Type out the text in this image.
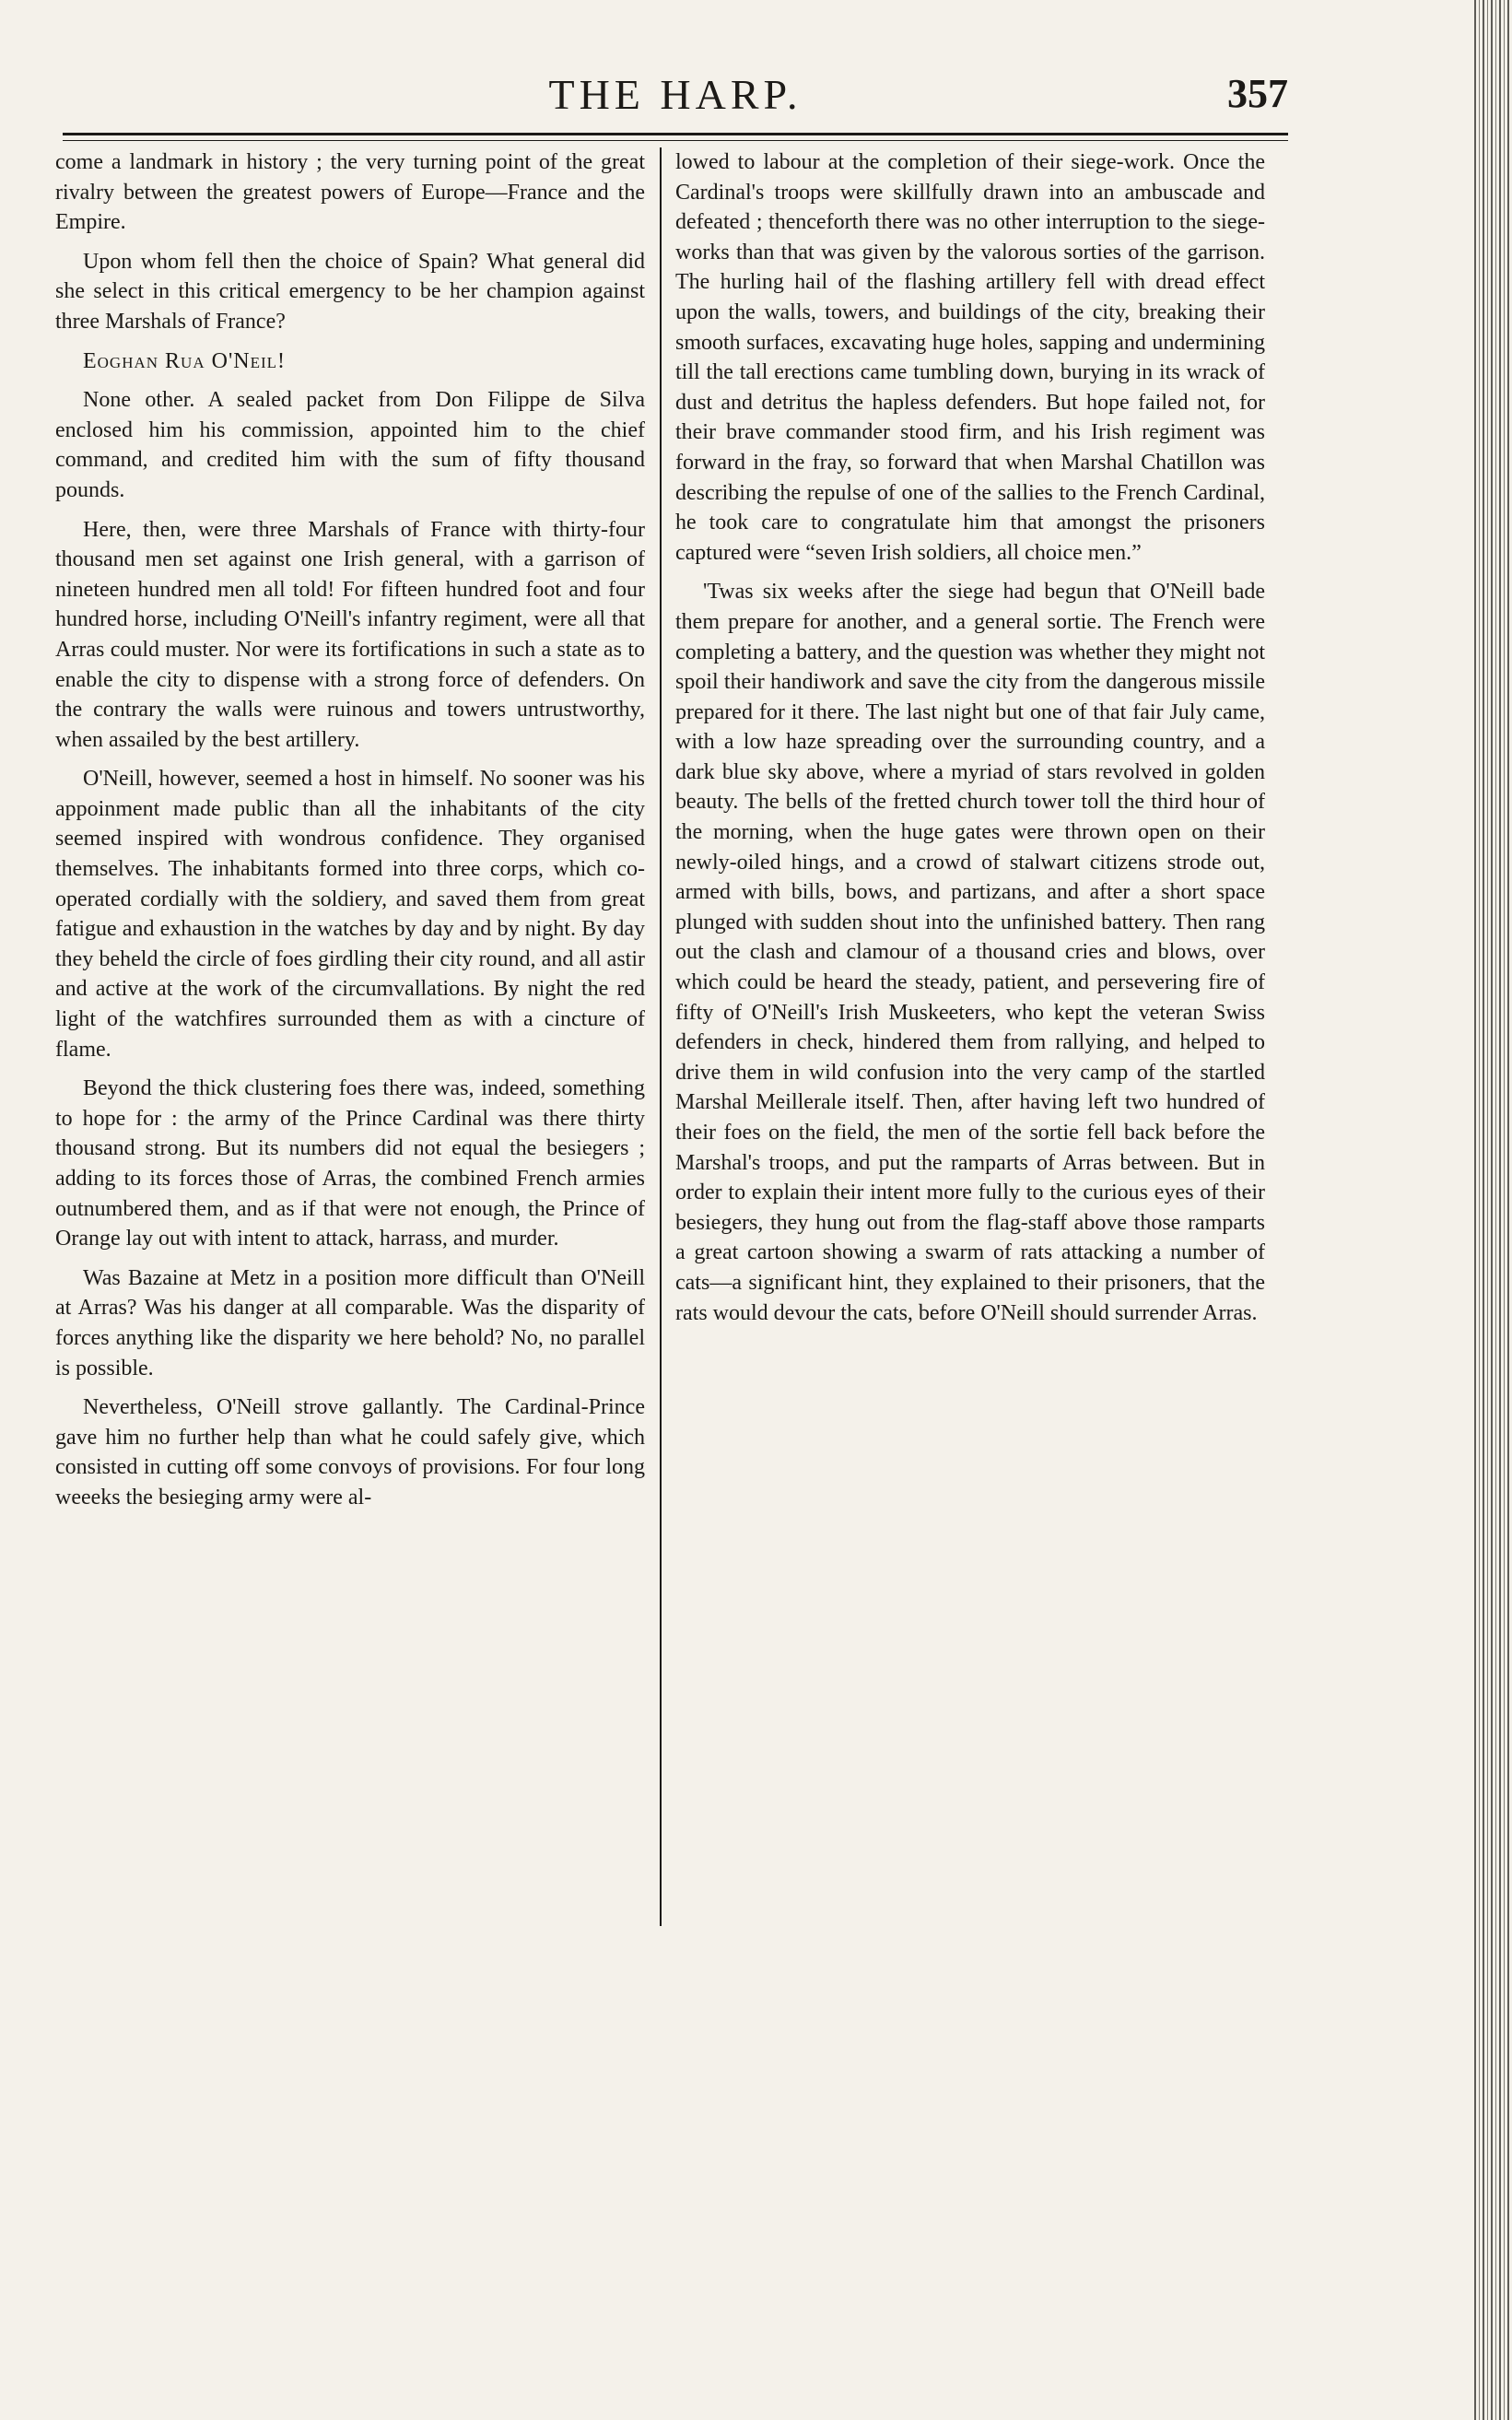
THE HARP.	357

come a landmark in history ; the very turning point of the great rivalry between the greatest powers of Europe—France and the Empire.

Upon whom fell then the choice of Spain? What general did she select in this critical emergency to be her champion against three Marshals of France?

Eoghan Rua O'Neil!

None other. A sealed packet from Don Filippe de Silva enclosed him his commission, appointed him to the chief command, and credited him with the sum of fifty thousand pounds.

Here, then, were three Marshals of France with thirty-four thousand men set against one Irish general, with a garrison of nineteen hundred men all told! For fifteen hundred foot and four hundred horse, including O'Neill's infantry regiment, were all that Arras could muster. Nor were its fortifications in such a state as to enable the city to dispense with a strong force of defenders. On the contrary the walls were ruinous and towers untrustworthy, when assailed by the best artillery.

O'Neill, however, seemed a host in himself. No sooner was his appoinment made public than all the inhabitants of the city seemed inspired with wondrous confidence. They organised themselves. The inhabitants formed into three corps, which co-operated cordially with the soldiery, and saved them from great fatigue and exhaustion in the watches by day and by night. By day they beheld the circle of foes girdling their city round, and all astir and active at the work of the circumvallations. By night the red light of the watchfires surrounded them as with a cincture of flame.

Beyond the thick clustering foes there was, indeed, something to hope for : the army of the Prince Cardinal was there thirty thousand strong. But its numbers did not equal the besiegers ; adding to its forces those of Arras, the combined French armies outnumbered them, and as if that were not enough, the Prince of Orange lay out with intent to attack, harrass, and murder.

Was Bazaine at Metz in a position more difficult than O'Neill at Arras? Was his danger at all comparable. Was the disparity of forces anything like the disparity we here behold? No, no parallel is possible.

Nevertheless, O'Neill strove gallantly. The Cardinal-Prince gave him no further help than what he could safely give, which consisted in cutting off some convoys of provisions. For four long weeeks the besieging army were al-

lowed to labour at the completion of their siege-work. Once the Cardinal's troops were skillfully drawn into an ambuscade and defeated ; thenceforth there was no other interruption to the siege-works than that was given by the valorous sorties of the garrison. The hurling hail of the flashing artillery fell with dread effect upon the walls, towers, and buildings of the city, breaking their smooth surfaces, excavating huge holes, sapping and undermining till the tall erections came tumbling down, burying in its wrack of dust and detritus the hapless defenders. But hope failed not, for their brave commander stood firm, and his Irish regiment was forward in the fray, so forward that when Marshal Chatillon was describing the repulse of one of the sallies to the French Cardinal, he took care to congratulate him that amongst the prisoners captured were “seven Irish soldiers, all choice men.”

'Twas six weeks after the siege had begun that O'Neill bade them prepare for another, and a general sortie. The French were completing a battery, and the question was whether they might not spoil their handiwork and save the city from the dangerous missile prepared for it there. The last night but one of that fair July came, with a low haze spreading over the surrounding country, and a dark blue sky above, where a myriad of stars revolved in golden beauty. The bells of the fretted church tower toll the third hour of the morning, when the huge gates were thrown open on their newly-oiled hings, and a crowd of stalwart citizens strode out, armed with bills, bows, and partizans, and after a short space plunged with sudden shout into the unfinished battery. Then rang out the clash and clamour of a thousand cries and blows, over which could be heard the steady, patient, and persevering fire of fifty of O'Neill's Irish Muskeeters, who kept the veteran Swiss defenders in check, hindered them from rallying, and helped to drive them in wild confusion into the very camp of the startled Marshal Meillerale itself. Then, after having left two hundred of their foes on the field, the men of the sortie fell back before the Marshal's troops, and put the ramparts of Arras between. But in order to explain their intent more fully to the curious eyes of their besiegers, they hung out from the flag-staff above those ramparts a great cartoon showing a swarm of rats attacking a number of cats—a significant hint, they explained to their prisoners, that the rats would devour the cats, before O'Neill should surrender Arras.
